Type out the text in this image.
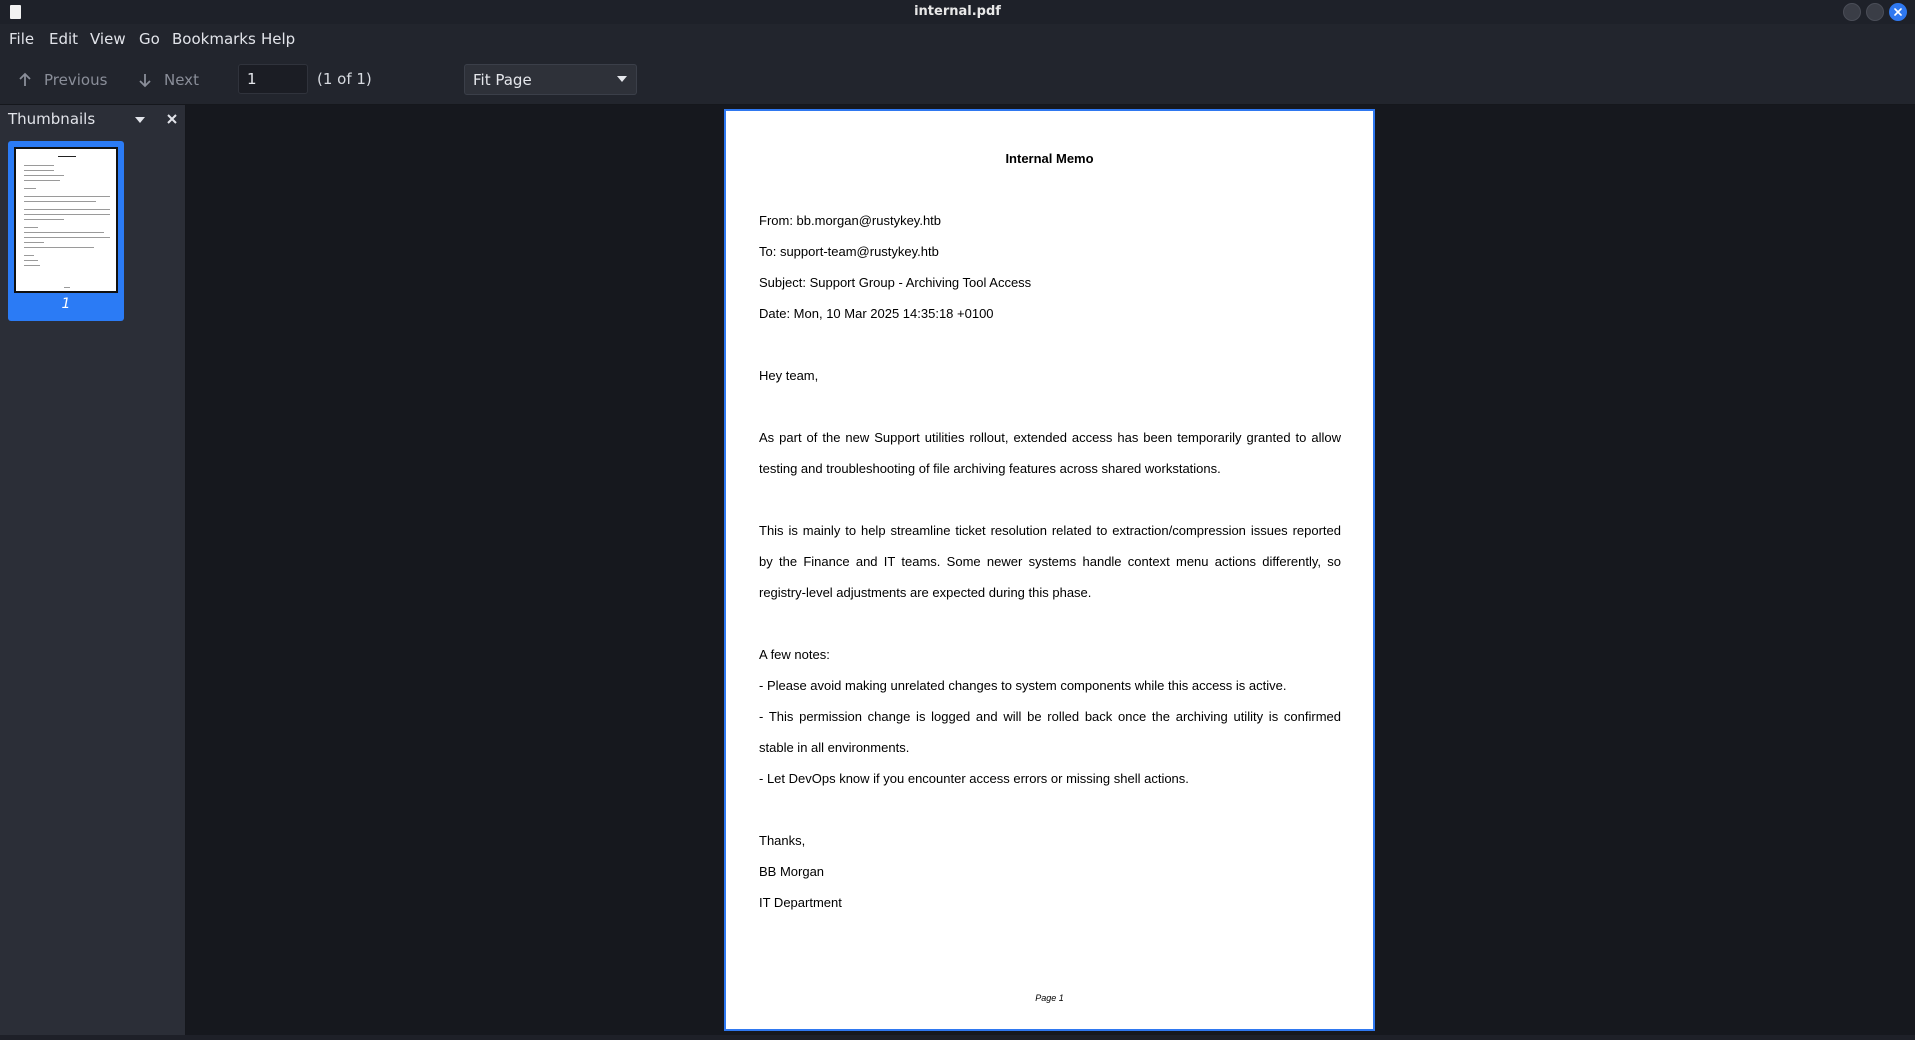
internal.pdf
File Edit View Go Bookmarks Help
Previous	Next
1	(1 of 1)	Fit Page
Thumbnails
1
Internal Memo
From: bb.morgan@rustykey.htb
To: support-team@rustykey.htb
Subject: Support Group - Archiving Tool Access
Date: Mon, 10 Mar 2025 14:35:18 +0100
Hey team,
As part of the new Support utilities rollout, extended access has been temporarily granted to allow
testing and troubleshooting of file archiving features across shared workstations.
This is mainly to help streamline ticket resolution related to extraction/compression issues reported
by the Finance and IT teams. Some newer systems handle context menu actions differently, so
registry-level adjustments are expected during this phase.
A few notes:
- Please avoid making unrelated changes to system components while this access is active.
- This permission change is logged and will be rolled back once the archiving utility is confirmed
stable in all environments.
- Let DevOps know if you encounter access errors or missing shell actions.
Thanks,
BB Morgan
IT Department
Page 1
